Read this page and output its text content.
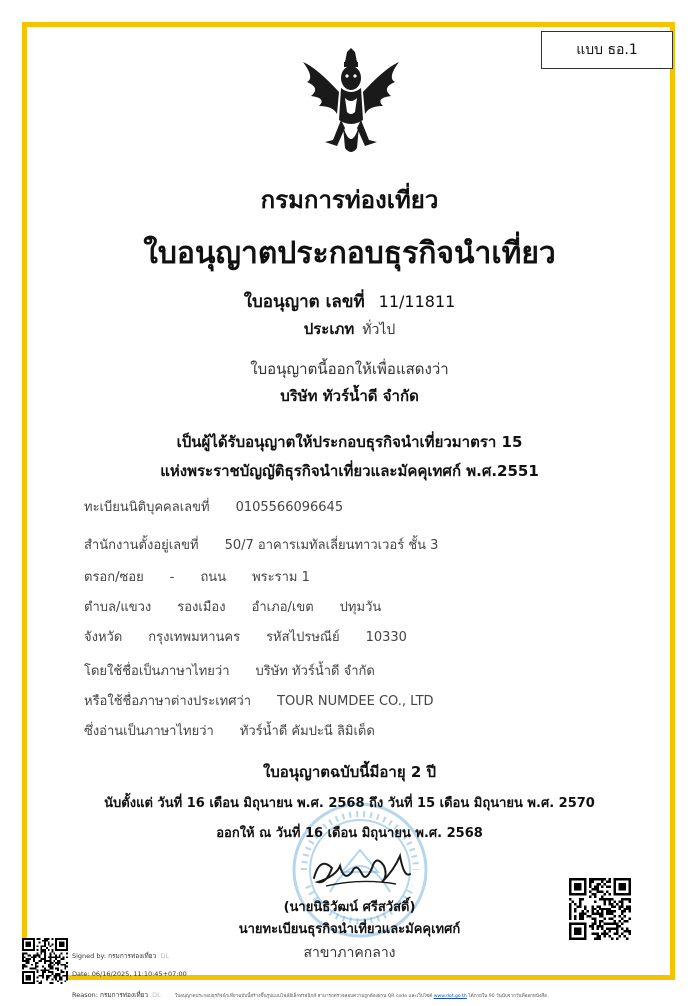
แบบ ธอ.1
กรมการท่องเที่ยว
ใบอนุญาตประกอบธุรกิจนำเที่ยว
ใบอนุญาต เลขที่ 11/11811
ประเภท ทั่วไป
ใบอนุญาตนี้ออกให้เพื่อแสดงว่า
บริษัท ทัวร์น้ำดี จำกัด
เป็นผู้ได้รับอนุญาตให้ประกอบธุรกิจนำเที่ยวมาตรา 15
แห่งพระราชบัญญัติธุรกิจนำเที่ยวและมัคคุเทศก์ พ.ศ.2551
ทะเบียนนิติบุคคลเลขที่ 0105566096645
สำนักงานตั้งอยู่เลขที่ 50/7 อาคารเมทัลเลี่ยนทาวเวอร์ ชั้น 3
ตรอก/ซอย - ถนน พระราม 1
ตำบล/แขวง รองเมือง อำเภอ/เขต ปทุมวัน
จังหวัด กรุงเทพมหานคร รหัสไปรษณีย์ 10330
โดยใช้ชื่อเป็นภาษาไทยว่า บริษัท ทัวร์น้ำดี จำกัด
หรือใช้ชื่อภาษาต่างประเทศว่า TOUR NUMDEE CO., LTD
ซึ่งอ่านเป็นภาษาไทยว่า ทัวร์น้ำดี คัมปะนี ลิมิเต็ด
ใบอนุญาตฉบับนี้มีอายุ 2 ปี
นับตั้งแต่ วันที่ 16 เดือน มิถุนายน พ.ศ. 2568 ถึง วันที่ 15 เดือน มิถุนายน พ.ศ. 2570
ออกให้ ณ วันที่ 16 เดือน มิถุนายน พ.ศ. 2568
(นายนิธิวัฒน์ ศรีสวัสดิ์)
นายทะเบียนธุรกิจนำเที่ยวและมัคคุเทศก์
สาขาภาคกลาง
Signed by: กรมการท่องเที่ยว DL
Date: 06/16/2025, 11:10:45+07:00
Reason: กรมการท่องเที่ยว DL	ใบอนุญาตประกอบธุรกิจนำเที่ยวฉบับนี้สร้างขึ้นรูปแบบไฟล์อิเล็กทรอนิกส์ สามารถตรวจสอบความถูกต้องผ่าน QR code และเว็บไซต์ www.dot.go.th ได้ภายใน 90 วันนับจากวันที่ออกหนังสือ
